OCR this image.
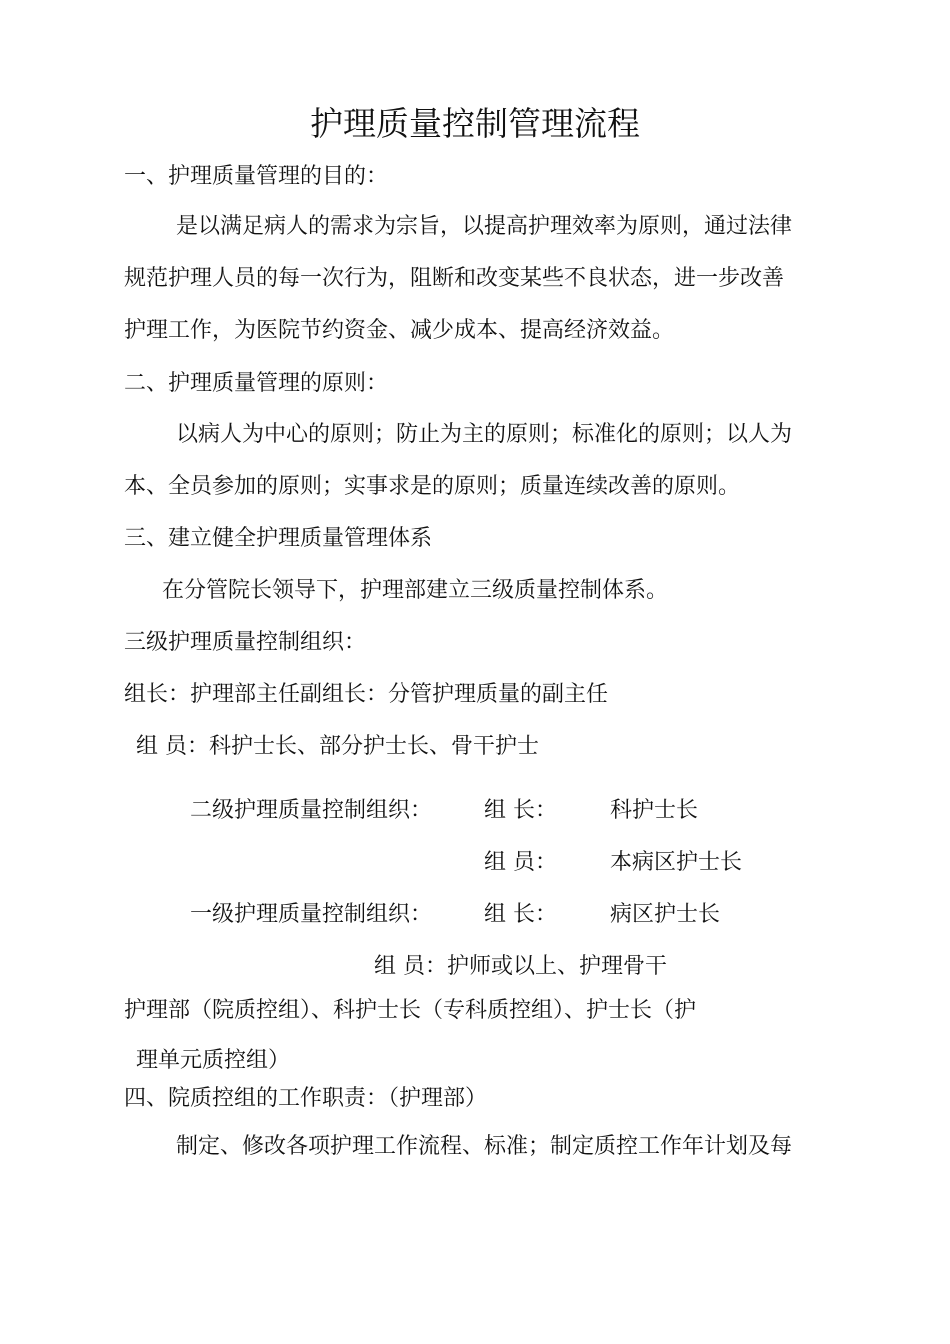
护理质量控制管理流程
一、护理质量管理的目的：
是以满足病人的需求为宗旨，以提高护理效率为原则，通过法律
规范护理人员的每一次行为，阻断和改变某些不良状态，进一步改善
护理工作，为医院节约资金、减少成本、提高经济效益。
二、护理质量管理的原则：
以病人为中心的原则；防止为主的原则；标准化的原则；以人为
本、全员参加的原则；实事求是的原则；质量连续改善的原则。
三、建立健全护理质量管理体系
在分管院长领导下，护理部建立三级质量控制体系。
三级护理质量控制组织：
组长：护理部主任副组长：分管护理质量的副主任
组 员：科护士长、部分护士长、骨干护士
二级护理质量控制组织： 组 长： 科护士长
组 员： 本病区护士长
一级护理质量控制组织： 组 长： 病区护士长
组 员：护师或以上、护理骨干
护理部（院质控组）、科护士长（专科质控组）、护士长（护
理单元质控组）
四、院质控组的工作职责：（护理部）
制定、修改各项护理工作流程、标准；制定质控工作年计划及每
